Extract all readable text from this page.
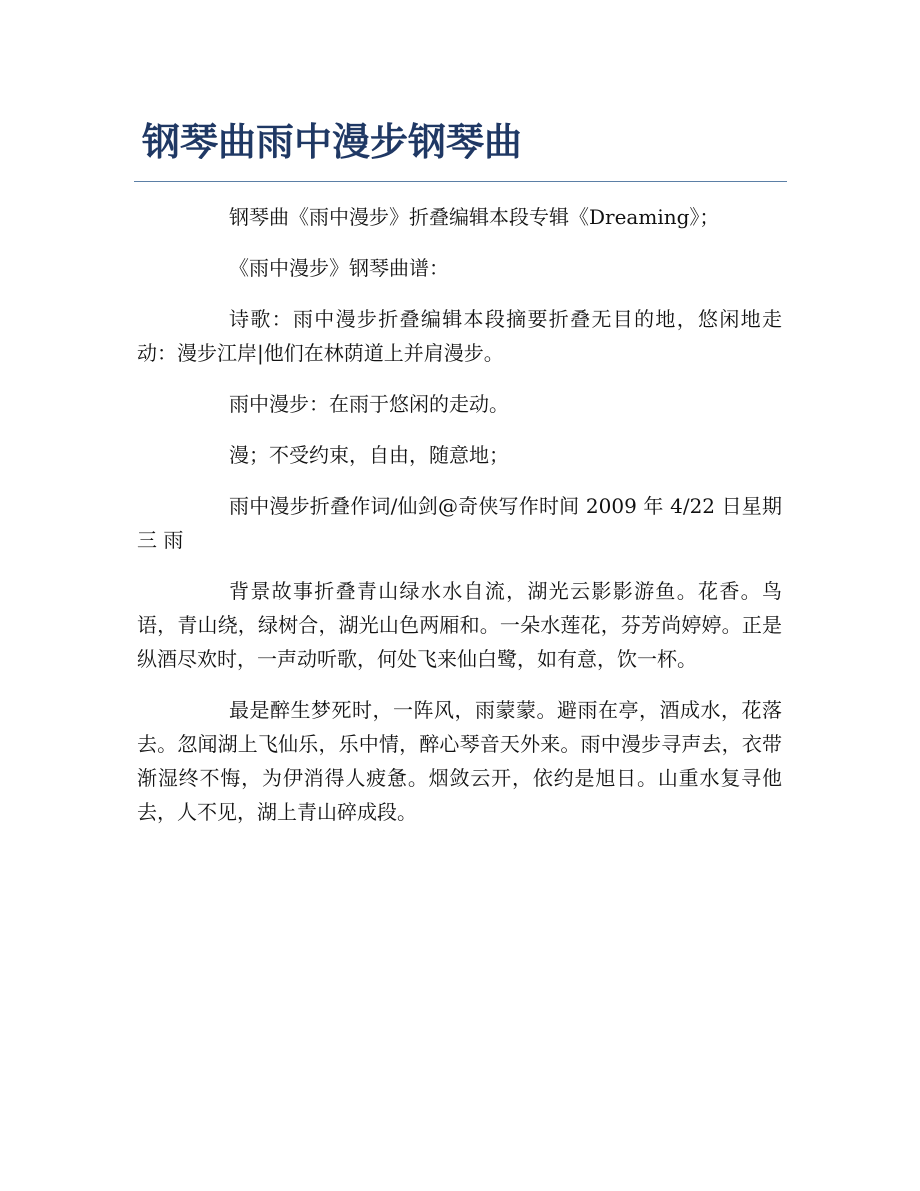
钢琴曲雨中漫步钢琴曲

钢琴曲《雨中漫步》折叠编辑本段专辑《Dreaming》；

《雨中漫步》钢琴曲谱：

诗歌：雨中漫步折叠编辑本段摘要折叠无目的地，悠闲地走动：漫步江岸|他们在林荫道上并肩漫步。

雨中漫步：在雨于悠闲的走动。

漫；不受约束，自由，随意地；

雨中漫步折叠作词/仙剑@奇侠写作时间 2009 年 4/22 日星期三 雨

背景故事折叠青山绿水水自流，湖光云影影游鱼。花香。鸟语，青山绕，绿树合，湖光山色两厢和。一朵水莲花，芬芳尚婷婷。正是纵酒尽欢时，一声动听歌，何处飞来仙白鹭，如有意，饮一杯。

最是醉生梦死时，一阵风，雨蒙蒙。避雨在亭，酒成水，花落去。忽闻湖上飞仙乐，乐中情，醉心琴音天外来。雨中漫步寻声去，衣带渐湿终不悔，为伊消得人疲惫。烟敛云开，依约是旭日。山重水复寻他去，人不见，湖上青山碎成段。
